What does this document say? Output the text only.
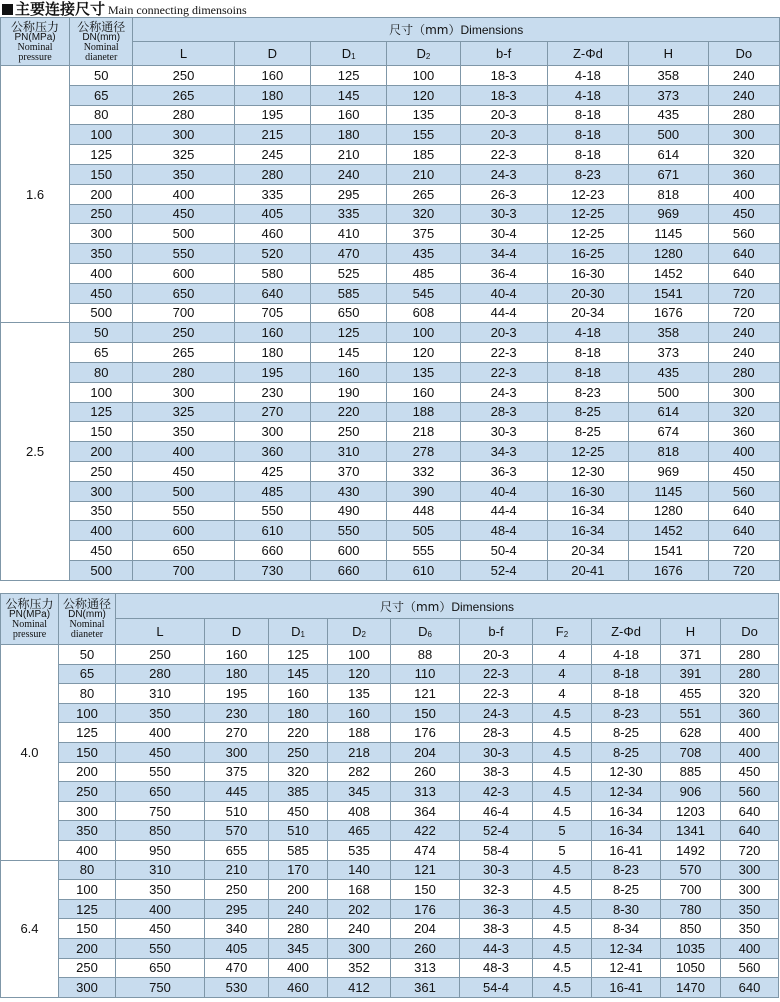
主要连接尺寸 Main connecting dimensoins
公称压力
PN(MPa)
Nominal pressure	公称通径
DN(mm)
Nominal dianeter	尺寸（mm）Dimensions							
		L	D	$D_1$	$D_2$	b-f	Z-Φd	H	Do
1.6	50	250	160	125	100	18-3	4-18	358	240
	65	265	180	145	120	18-3	4-18	373	240
	80	280	195	160	135	20-3	8-18	435	280
	100	300	215	180	155	20-3	8-18	500	300
	125	325	245	210	185	22-3	8-18	614	320
	150	350	280	240	210	24-3	8-23	671	360
	200	400	335	295	265	26-3	12-23	818	400
	250	450	405	335	320	30-3	12-25	969	450
	300	500	460	410	375	30-4	12-25	1145	560
	350	550	520	470	435	34-4	16-25	1280	640
	400	600	580	525	485	36-4	16-30	1452	640
	450	650	640	585	545	40-4	20-30	1541	720
	500	700	705	650	608	44-4	20-34	1676	720
2.5	50	250	160	125	100	20-3	4-18	358	240
	65	265	180	145	120	22-3	8-18	373	240
	80	280	195	160	135	22-3	8-18	435	280
	100	300	230	190	160	24-3	8-23	500	300
	125	325	270	220	188	28-3	8-25	614	320
	150	350	300	250	218	30-3	8-25	674	360
	200	400	360	310	278	34-3	12-25	818	400
	250	450	425	370	332	36-3	12-30	969	450
	300	500	485	430	390	40-4	16-30	1145	560
	350	550	550	490	448	44-4	16-34	1280	640
	400	600	610	550	505	48-4	16-34	1452	640
	450	650	660	600	555	50-4	20-34	1541	720
	500	700	730	660	610	52-4	20-41	1676	720
公称压力
PN(MPa)
Nominal pressure	公称通径
DN(mm)
Nominal dianeter	尺寸（mm）Dimensions									
		L	D	$D_1$	$D_2$	$D_6$	b-f	$F_2$	Z-Φd	H	Do
4.0	50	250	160	125	100	88	20-3	4	4-18	371	280
	65	280	180	145	120	110	22-3	4	8-18	391	280
	80	310	195	160	135	121	22-3	4	8-18	455	320
	100	350	230	180	160	150	24-3	4.5	8-23	551	360
	125	400	270	220	188	176	28-3	4.5	8-25	628	400
	150	450	300	250	218	204	30-3	4.5	8-25	708	400
	200	550	375	320	282	260	38-3	4.5	12-30	885	450
	250	650	445	385	345	313	42-3	4.5	12-34	906	560
	300	750	510	450	408	364	46-4	4.5	16-34	1203	640
	350	850	570	510	465	422	52-4	5	16-34	1341	640
	400	950	655	585	535	474	58-4	5	16-41	1492	720
6.4	80	310	210	170	140	121	30-3	4.5	8-23	570	300
	100	350	250	200	168	150	32-3	4.5	8-25	700	300
	125	400	295	240	202	176	36-3	4.5	8-30	780	350
	150	450	340	280	240	204	38-3	4.5	8-34	850	350
	200	550	405	345	300	260	44-3	4.5	12-34	1035	400
	250	650	470	400	352	313	48-3	4.5	12-41	1050	560
	300	750	530	460	412	361	54-4	4.5	16-41	1470	640
